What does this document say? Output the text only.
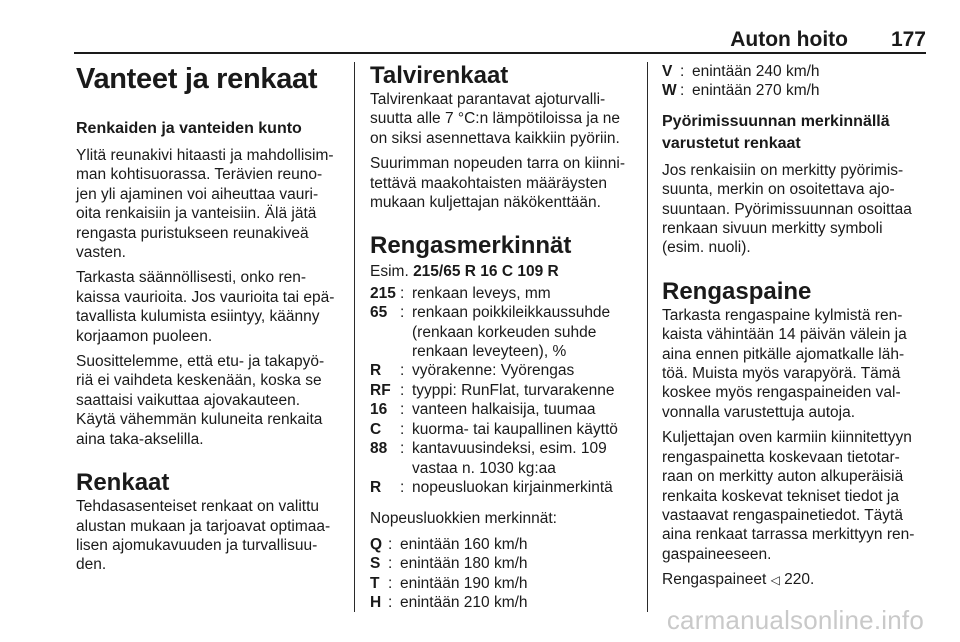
Auton hoito 177
Vanteet ja renkaat
Renkaiden ja vanteiden kunto

Ylitä reunakivi hitaasti ja mahdollisim-
man kohtisuorassa. Terävien reuno-
jen yli ajaminen voi aiheuttaa vauri-
oita renkaisiin ja vanteisiin. Älä jätä
rengasta puristukseen reunakiveä
vasten.

Tarkasta säännöllisesti, onko ren-
kaissa vaurioita. Jos vaurioita tai epä-
tavallista kulumista esiintyy, käänny
korjaamon puoleen.

Suosittelemme, että etu- ja takapyö-
riä ei vaihdeta keskenään, koska se
saattaisi vaikuttaa ajovakauteen.
Käytä vähemmän kuluneita renkaita
aina taka-akselilla.

Renkaat

Tehdasasenteiset renkaat on valittu
alustan mukaan ja tarjoavat optimaa-
lisen ajomukavuuden ja turvallisuu-
den.

Talvirenkaat

Talvirenkaat parantavat ajoturvalli-
suutta alle 7 °C:n lämpötiloissa ja ne
on siksi asennettava kaikkiin pyöriin.

Suurimman nopeuden tarra on kiinni-
tettävä maakohtaisten määräysten
mukaan kuljettajan näkökenttään.

Rengasmerkinnät

Esim. 215/65 R 16 C 109 R

215 : renkaan leveys, mm
65 : renkaan poikkileikkaussuhde
(renkaan korkeuden suhde
renkaan leveyteen), %
R	: vyörakenne: Vyörengas
RF : tyyppi: RunFlat, turvarakenne
16 : vanteen halkaisija, tuumaa
C	: kuorma- tai kaupallinen käyttö
88 : kantavuusindeksi, esim. 109
vastaa n. 1030 kg:aa
R	: nopeusluokan kirjainmerkintä

Nopeusluokkien merkinnät:

Q : enintään 160 km/h
S : enintään 180 km/h
T : enintään 190 km/h
H : enintään 210 km/h
V : enintään 240 km/h
W : enintään 270 km/h
Pyörimissuunnan merkinnällä
varustetut renkaat

Jos renkaisiin on merkitty pyörimis-
suunta, merkin on osoitettava ajo-
suuntaan. Pyörimissuunnan osoittaa
renkaan sivuun merkitty symboli
(esim. nuoli).

Rengaspaine

Tarkasta rengaspaine kylmistä ren-
kaista vähintään 14 päivän välein ja
aina ennen pitkälle ajomatkalle läh-
töä. Muista myös varapyörä. Tämä
koskee myös rengaspaineiden val-
vonnalla varustettuja autoja.

Kuljettajan oven karmiin kiinnitettyyn
rengaspainetta koskevaan tietotar-
raan on merkitty auton alkuperäisiä
renkaita koskevat tekniset tiedot ja
vastaavat rengaspainetiedot. Täytä
aina renkaat tarrassa merkittyyn ren-
gaspaineeseen.

Rengaspaineet ◁ 220.

carmanualsonline.info
